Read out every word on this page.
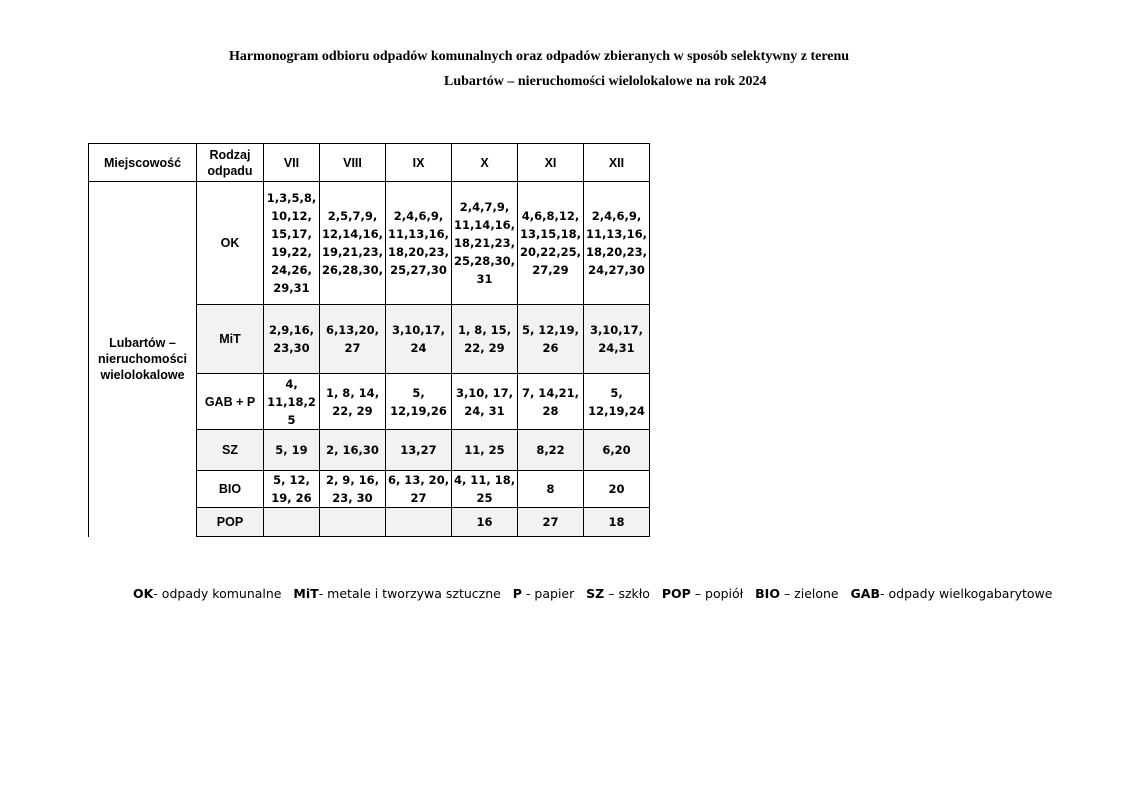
Harmonogram odbioru odpadów komunalnych oraz odpadów zbieranych w sposób selektywny z terenu
Lubartów – nieruchomości wielolokalowe na rok 2024
Miejscowość	Rodzaj odpadu	VII	VIII	IX	X	XI	XII
Lubartów – nieruchomości wielolokalowe	OK	1,3,5,8, 10,12, 15,17, 19,22, 24,26, 29,31	2,5,7,9, 12,14,16, 19,21,23, 26,28,30,	2,4,6,9, 11,13,16, 18,20,23, 25,27,30	2,4,7,9, 11,14,16, 18,21,23, 25,28,30, 31	4,6,8,12, 13,15,18, 20,22,25, 27,29	2,4,6,9, 11,13,16, 18,20,23, 24,27,30
	MiT	2,9,16, 23,30	6,13,20, 27	3,10,17, 24	1, 8, 15, 22, 29	5, 12,19, 26	3,10,17, 24,31
	GAB + P	4, 11,18,2 5	1, 8, 14, 22, 29	5, 12,19,26	3,10, 17, 24, 31	7, 14,21, 28	5, 12,19,24
	SZ	5, 19	2, 16,30	13,27	11, 25	8,22	6,20
	BIO	5, 12, 19, 26	2, 9, 16, 23, 30	6, 13, 20, 27	4, 11, 18, 25	8	20
	POP				16	27	18
OK- odpady komunalne MiT- metale i tworzywa sztuczne P - papier SZ – szkło POP – popiół BIO – zielone GAB- odpady wielkogabarytowe
